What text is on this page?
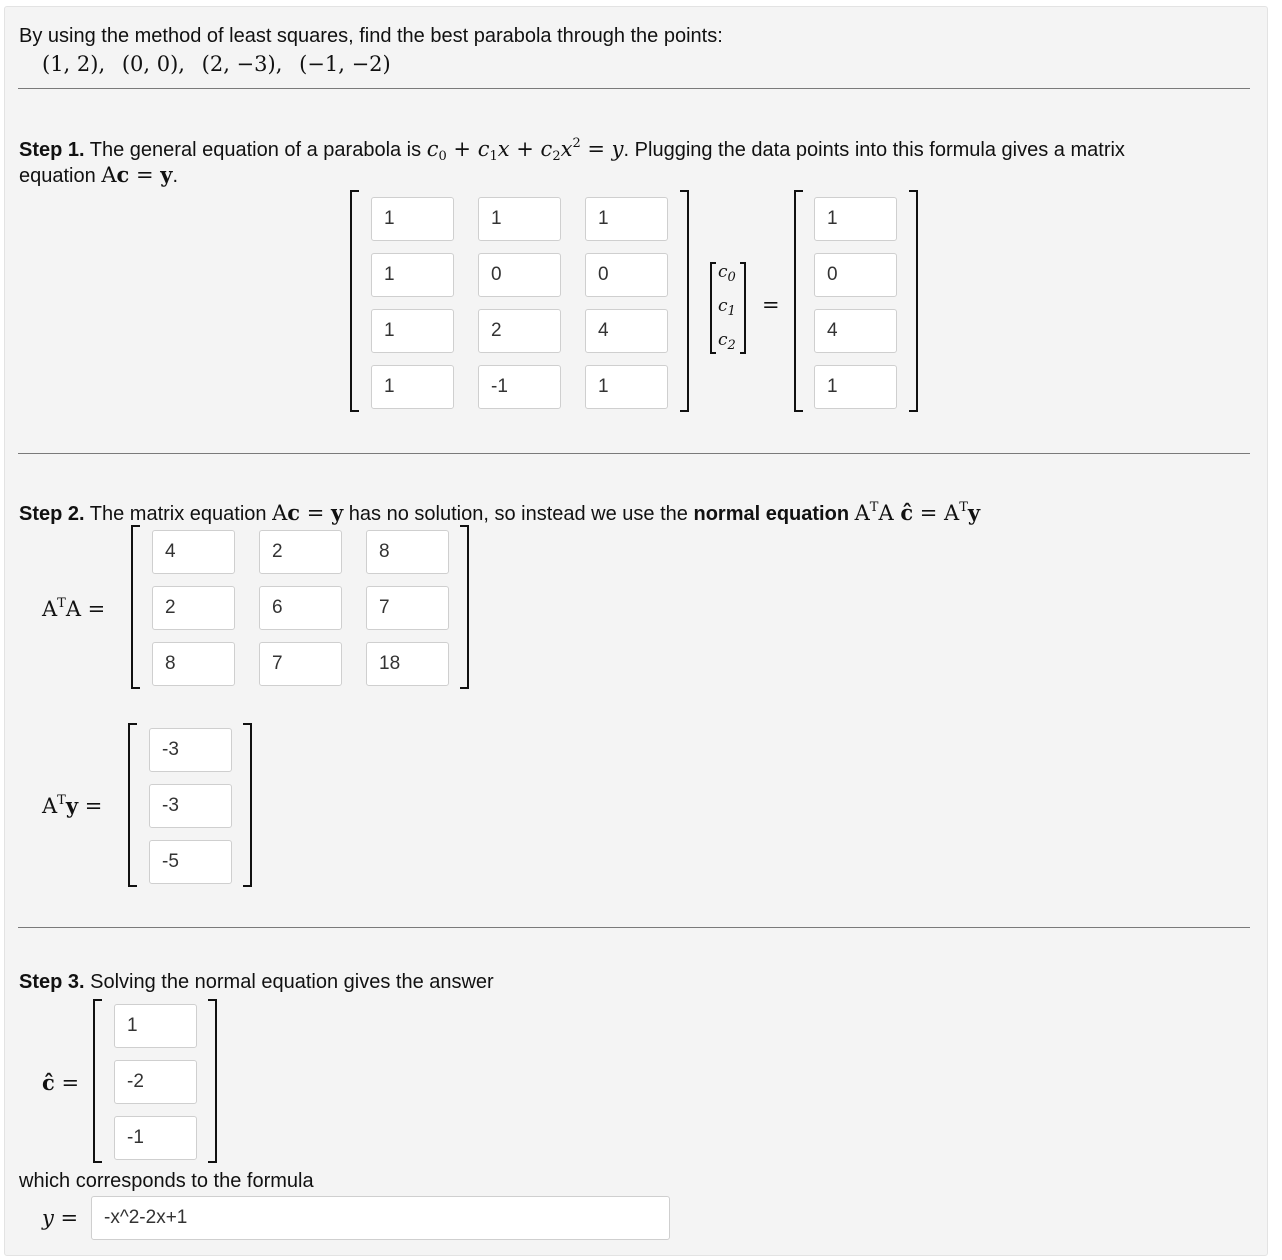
By using the method of least squares, find the best parabola through the points:
(1, 2), (0, 0), (2, −3), (−1, −2)
Step 1. The general equation of a parabola is $c_0 + c_1x + c_2x^2 = y$. Plugging the data points into this formula gives a matrix
equation Ac = y.
1
1
1
1
0
0
1
2
4
1
-1
1
$c_0$
$c_1$
$c_2$
=
1
0
4
1
Step 2. The matrix equation Ac = y has no solution, so instead we use the normal equation $A^TA$ ĉ = $A^Ty$
$A^TA$ =
4
2
8
2
6
7
8
7
18
$A^Ty$ =
-3
-3
-5
Step 3. Solving the normal equation gives the answer
ĉ =
1
-2
-1
which corresponds to the formula
y =
-x^2-2x+1
